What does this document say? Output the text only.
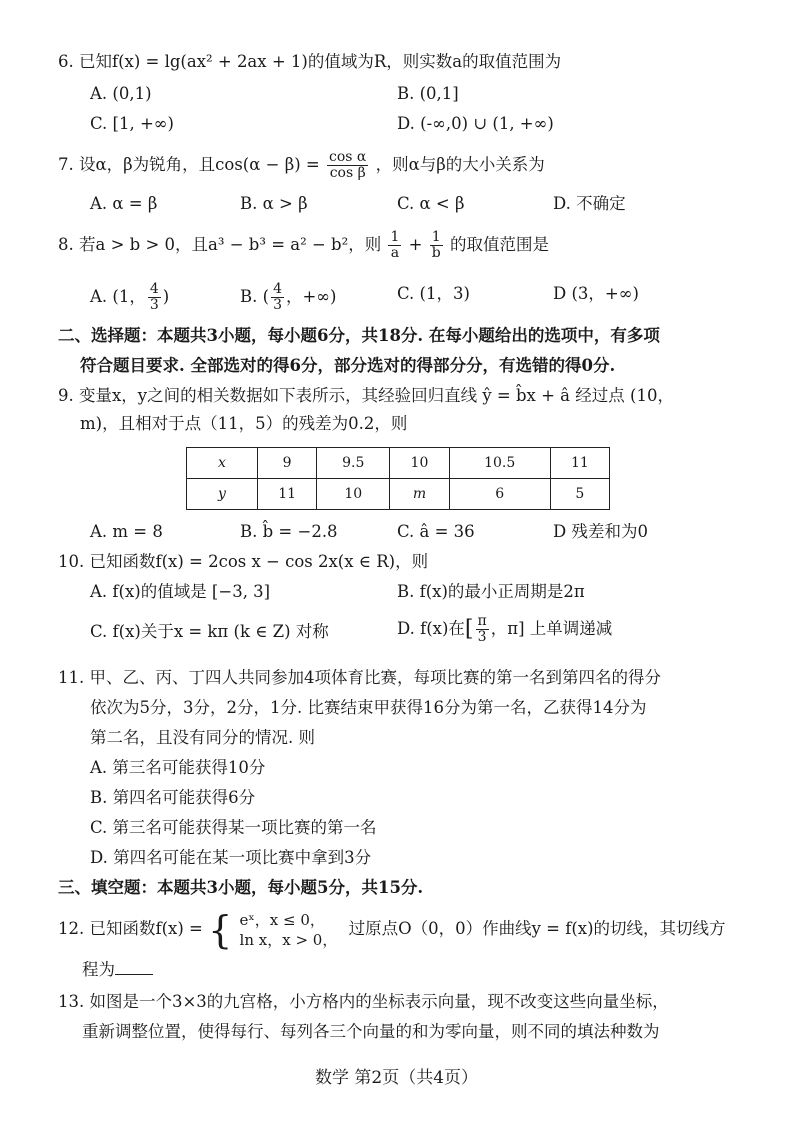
6. 已知f(x) = lg(ax² + 2ax + 1)的值域为R，则实数a的取值范围为
A. (0,1)	B. (0,1]
C. [1, +∞)	D. (-∞,0) ∪ (1, +∞)
7. 设α，β为锐角，且$\cos(\alpha - \beta) = \frac{\text{cos α}}{\text{cos β}}$ ，则α与β的大小关系为
A. α = β	B. α > β	C. α < β	D. 不确定
8. 若a > b > 0，且a³ − b³ = a² − b²，则 $\frac{1}{a} + \frac{1}{b}$ 的取值范围是
A. (1， $\frac{4}{3}$ )	B. ( $\frac{4}{3}$ ，+∞)	C. (1，3)	D (3，+∞)
二、选择题：本题共3小题，每小题6分，共18分. 在每小题给出的选项中，有多项
符合题目要求. 全部选对的得6分，部分选对的得部分分，有选错的得0分.
9. 变量x，y之间的相关数据如下表所示，其经验回归直线 ŷ = b̂x + â 经过点 (10，
m)，且相对于点（11，5）的残差为0.2，则
x	9	9.5	10	10.5	11
y	11	10	m	6	5
A. m = 8	B. b̂ = −2.8	C. â = 36	D 残差和为0
10. 已知函数f(x) = 2cos x − cos 2x(x ∈ R)，则
A. f(x)的值域是 [−3, 3]	B. f(x)的最小正周期是2π
C. f(x)关于x = kπ (k ∈ Z) 对称	D. f(x)在[ $\frac{\pi}{3}$ ，π] 上单调递减
11. 甲、乙、丙、丁四人共同参加4项体育比赛，每项比赛的第一名到第四名的得分
依次为5分，3分，2分，1分. 比赛结束甲获得16分为第一名，乙获得14分为
第二名，且没有同分的情况. 则
A. 第三名可能获得10分
B. 第四名可能获得6分
C. 第三名可能获得某一项比赛的第一名
D. 第四名可能在某一项比赛中拿到3分
三、填空题：本题共3小题，每小题5分，共15分.
12. 已知函数f(x) = { eˣ，x ≤ 0，
ln x，x > 0，
过原点O（0，0）作曲线y = f(x)的切线，其切线方
程为
13. 如图是一个3×3的九宫格，小方格内的坐标表示向量，现不改变这些向量坐标，
重新调整位置，使得每行、每列各三个向量的和为零向量，则不同的填法种数为
数学 第2页（共4页）
